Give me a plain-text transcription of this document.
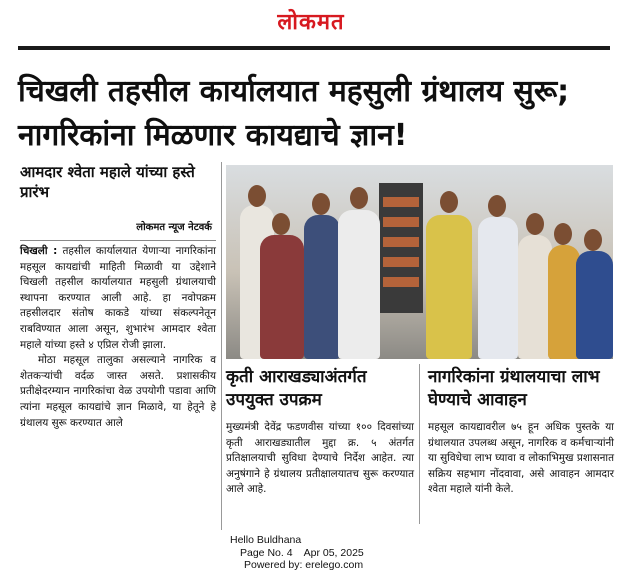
लोकमत
चिखली तहसील कार्यालयात महसुली ग्रंथालय सुरू; नागरिकांना मिळणार कायद्याचे ज्ञान!
आमदार श्वेता महाले यांच्या हस्ते प्रारंभ
लोकमत न्यूज नेटवर्क

चिखली : तहसील कार्यालयात येणाऱ्या नागरिकांना महसूल कायद्यांची माहिती मिळावी या उद्देशाने चिखली तहसील कार्यालयात महसुली ग्रंथालयाची स्थापना करण्यात आली आहे. हा नवोपक्रम तहसीलदार संतोष काकडे यांच्या संकल्पनेतून राबविण्यात आला असून, शुभारंभ आमदार श्वेता महाले यांच्या हस्ते ४ एप्रिल रोजी झाला.

मोठा महसूल तालुका असल्याने नागरिक व शेतकऱ्यांची वर्दळ जास्त असते. प्रशासकीय प्रतीक्षेदरम्यान नागरिकांचा वेळ उपयोगी पडावा आणि त्यांना महसूल कायद्यांचे ज्ञान मिळावे, या हेतूने हे ग्रंथालय सुरू करण्यात आले

कृती आराखड्याअंतर्गत उपयुक्त उपक्रम
मुख्यमंत्री देवेंद्र फडणवीस यांच्या १०० दिवसांच्या कृती आराखड्यातील मुद्दा क्र. ५ अंतर्गत प्रतिक्षालयाची सुविधा देण्याचे निर्देश आहेत. त्या अनुषंगाने हे ग्रंथालय प्रतीक्षालयातच सुरू करण्यात आले आहे.
नागरिकांना ग्रंथालयाचा लाभ घेण्याचे आवाहन
महसूल कायद्यावरील ७५ हून अधिक पुस्तके या ग्रंथालयात उपलब्ध असून, नागरिक व कर्मचाऱ्यांनी या सुविधेचा लाभ घ्यावा व लोकाभिमुख प्रशासनात सक्रिय सहभाग नोंदवावा, असे आवाहन आमदार श्वेता महाले यांनी केले.
Hello Buldhana
Page No. 4    Apr 05, 2025
Powered by: erelego.com
